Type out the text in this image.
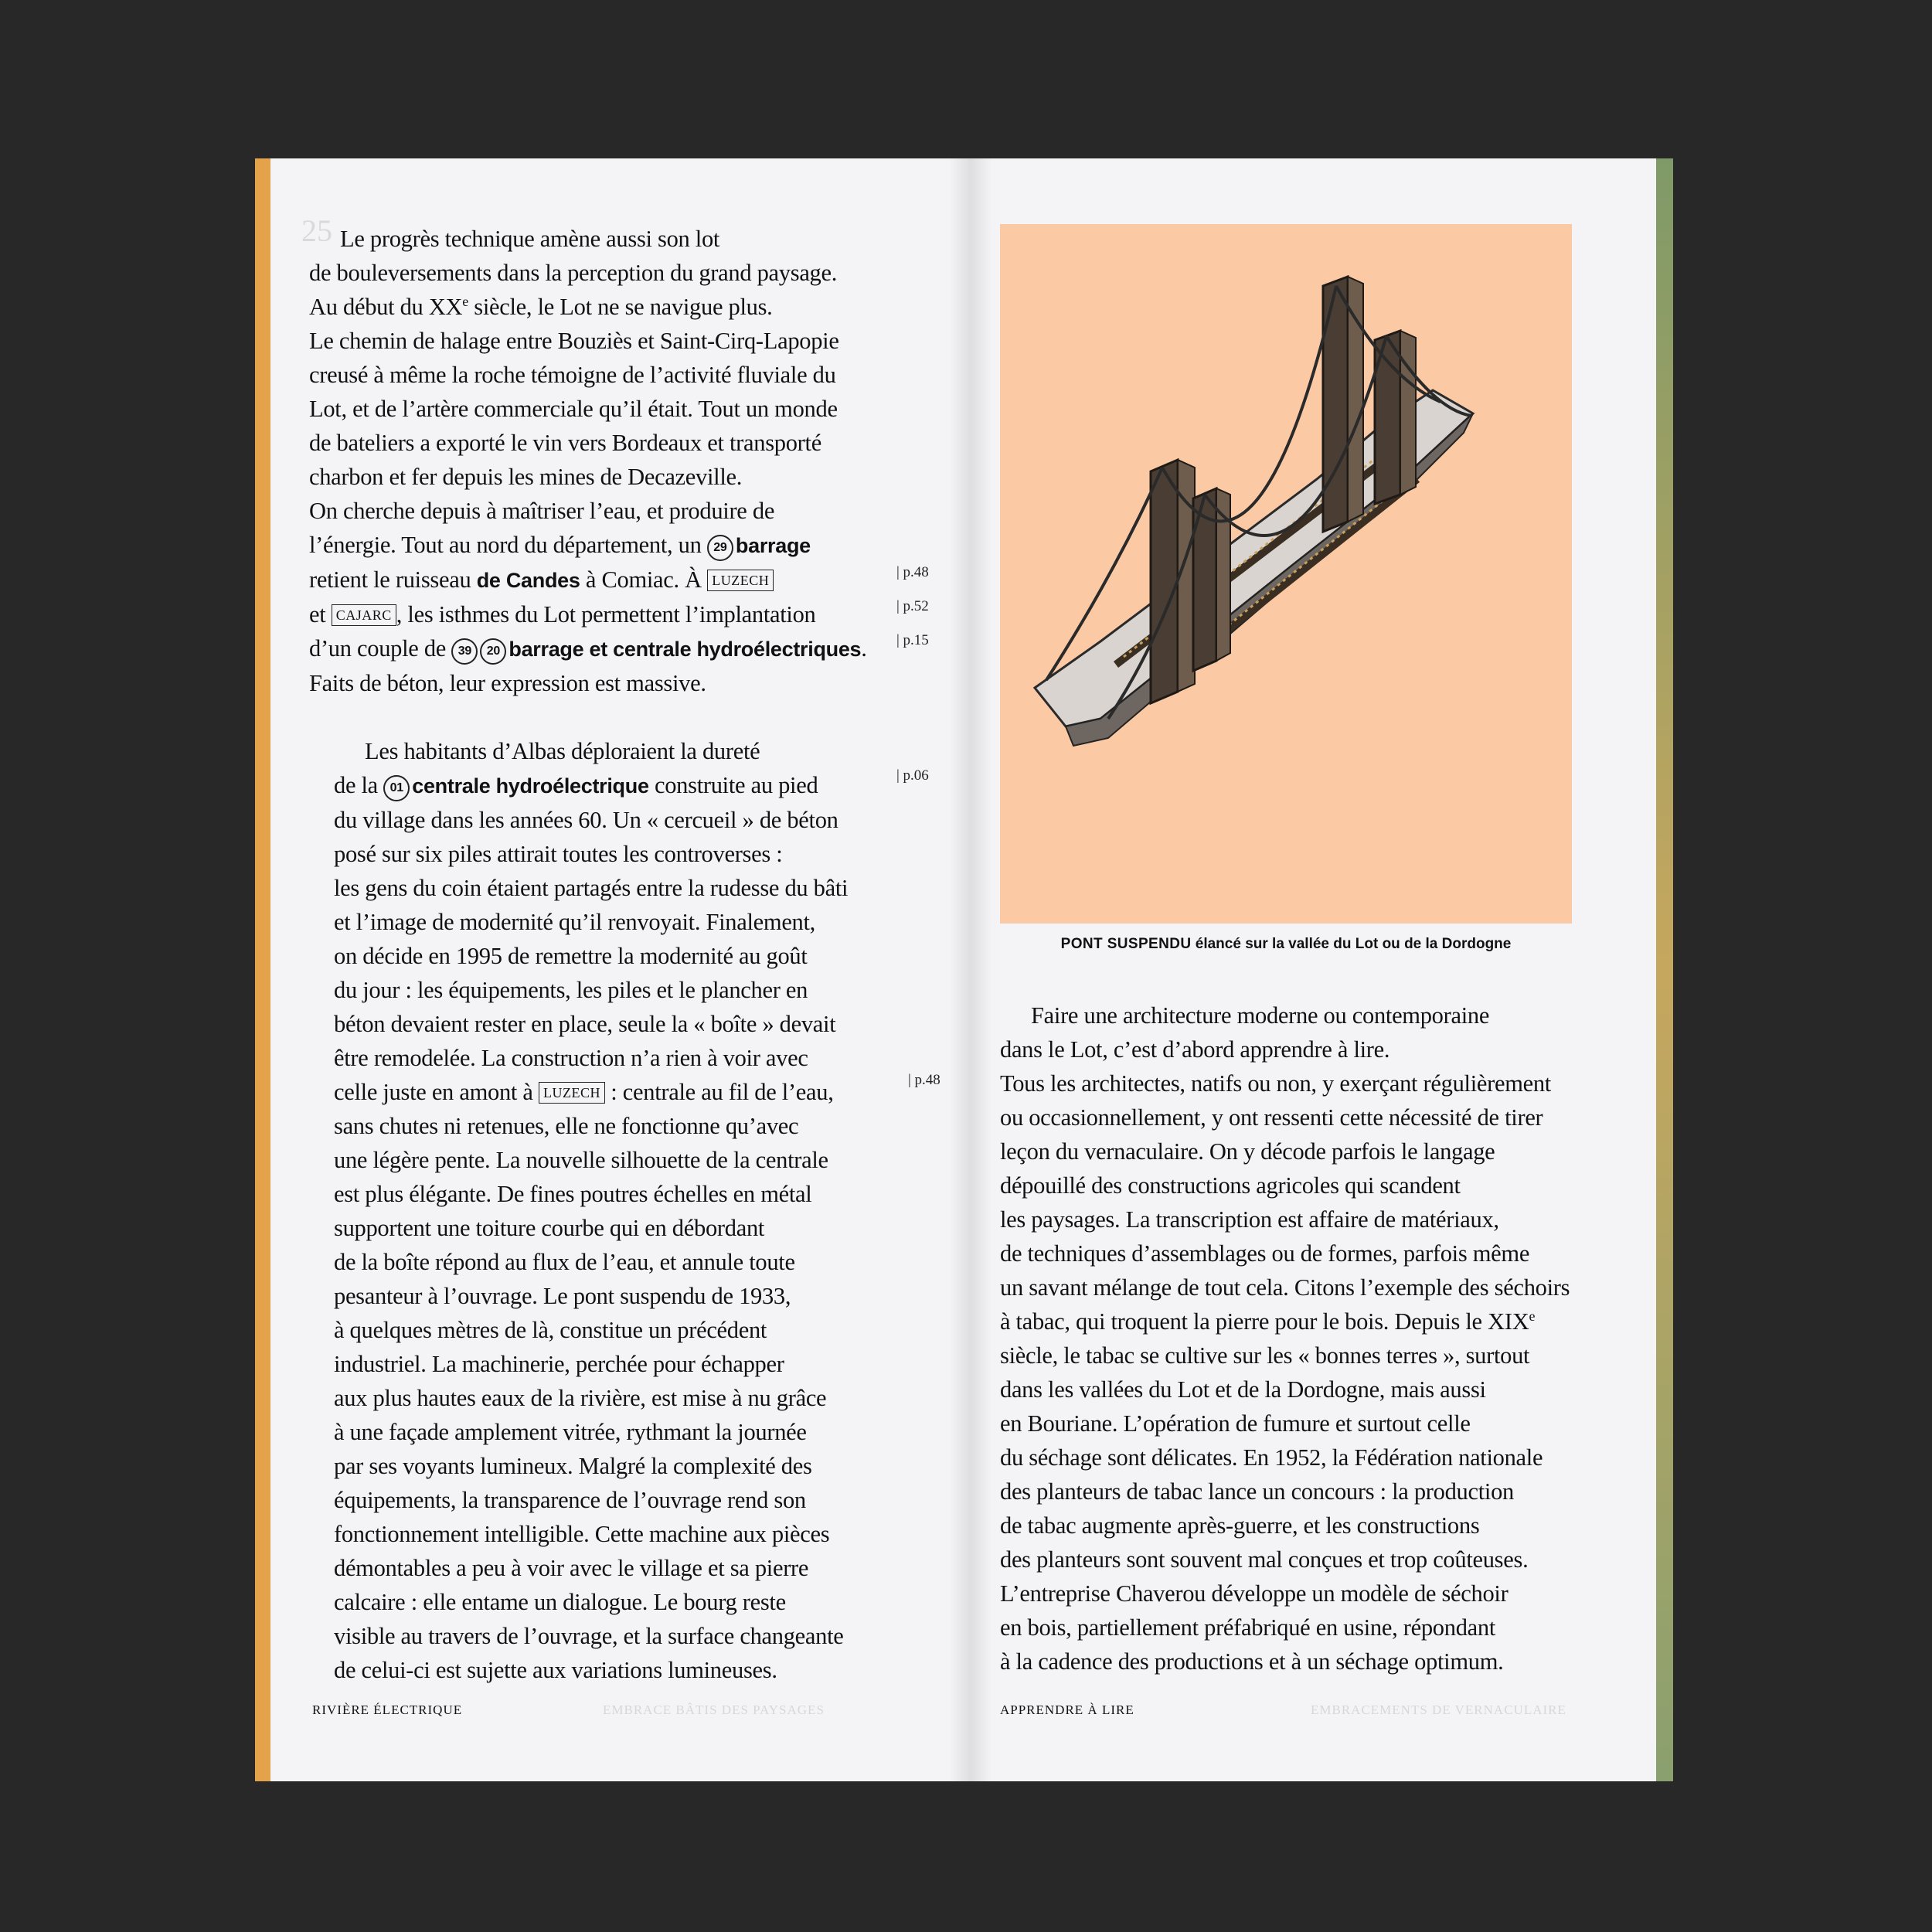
25 Le progrès technique amène aussi son lot
de bouleversements dans la perception du grand paysage.
Au début du XXe siècle, le Lot ne se navigue plus.
Le chemin de halage entre Bouziès et Saint-Cirq-Lapopie
creusé à même la roche témoigne de l’activité fluviale du
Lot, et de l’artère commerciale qu’il était. Tout un monde
de bateliers a exporté le vin vers Bordeaux et transporté
charbon et fer depuis les mines de Decazeville.
On cherche depuis à maîtriser l’eau, et produire de
l’énergie. Tout au nord du département, un 29 barrage
retient le ruisseau de Candes à Comiac. À LUZECH
et CAJARC , les isthmes du Lot permettent l’implantation
d’un couple de 39 20 barrage et centrale hydroélectriques.
Faits de béton, leur expression est massive.

Les habitants d’Albas déploraient la dureté
de la 01 centrale hydroélectrique construite au pied
du village dans les années 60. Un « cercueil » de béton
posé sur six piles attirait toutes les controverses :
les gens du coin étaient partagés entre la rudesse du bâti
et l’image de modernité qu’il renvoyait. Finalement,
on décide en 1995 de remettre la modernité au goût
du jour : les équipements, les piles et le plancher en
béton devaient rester en place, seule la « boîte » devait
être remodelée. La construction n’a rien à voir avec
celle juste en amont à LUZECH : centrale au fil de l’eau,
sans chutes ni retenues, elle ne fonctionne qu’avec
une légère pente. La nouvelle silhouette de la centrale
est plus élégante. De fines poutres échelles en métal
supportent une toiture courbe qui en débordant
de la boîte répond au flux de l’eau, et annule toute
pesanteur à l’ouvrage. Le pont suspendu de 1933,
à quelques mètres de là, constitue un précédent
industriel. La machinerie, perchée pour échapper
aux plus hautes eaux de la rivière, est mise à nu grâce
à une façade amplement vitrée, rythmant la journée
par ses voyants lumineux. Malgré la complexité des
équipements, la transparence de l’ouvrage rend son
fonctionnement intelligible. Cette machine aux pièces
démontables a peu à voir avec le village et sa pierre
calcaire : elle entame un dialogue. Le bourg reste
visible au travers de l’ouvrage, et la surface changeante
de celui-ci est sujette aux variations lumineuses.

| p.48
| p.52
| p.15
| p.06
| p.48
RIVIÈRE ÉLECTRIQUE	EMBRACE BÂTIS DES PAYSAGES

Faire une architecture moderne ou contemporaine
dans le Lot, c’est d’abord apprendre à lire.
Tous les architectes, natifs ou non, y exerçant régulièrement
ou occasionnellement, y ont ressenti cette nécessité de tirer
leçon du vernaculaire. On y décode parfois le langage
dépouillé des constructions agricoles qui scandent
les paysages. La transcription est affaire de matériaux,
de techniques d’assemblages ou de formes, parfois même
un savant mélange de tout cela. Citons l’exemple des séchoirs
à tabac, qui troquent la pierre pour le bois. Depuis le XIXe
siècle, le tabac se cultive sur les « bonnes terres », surtout
dans les vallées du Lot et de la Dordogne, mais aussi
en Bouriane. L’opération de fumure et surtout celle
du séchage sont délicates. En 1952, la Fédération nationale
des planteurs de tabac lance un concours : la production
de tabac augmente après-guerre, et les constructions
des planteurs sont souvent mal conçues et trop coûteuses.
L’entreprise Chaverou développe un modèle de séchoir
en bois, partiellement préfabriqué en usine, répondant
à la cadence des productions et à un séchage optimum.

APPRENDRE À LIRE	EMBRACEMENTS DE VERNACULAIRE
PONT SUSPENDU élancé sur la vallée du Lot ou de la Dordogne
